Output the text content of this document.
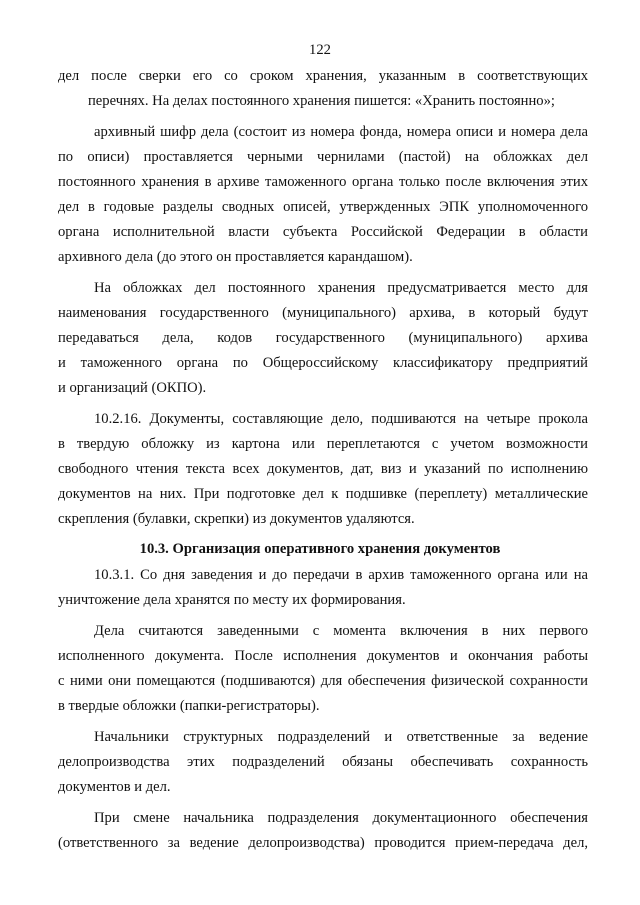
122
дел после сверки его со сроком хранения, указанным в соответствующих
перечнях. На делах постоянного хранения пишется: «Хранить постоянно»;
архивный шифр дела (состоит из номера фонда, номера описи и номера дела
по описи) проставляется черными чернилами (пастой) на обложках дел
постоянного хранения в архиве таможенного органа только после включения этих
дел в годовые разделы сводных описей, утвержденных ЭПК уполномоченного
органа исполнительной власти субъекта Российской Федерации в области
архивного дела (до этого он проставляется карандашом).
На обложках дел постоянного хранения предусматривается место для
наименования государственного (муниципального) архива, в который будут
передаваться дела, кодов государственного (муниципального) архива
и таможенного органа по Общероссийскому классификатору предприятий
и организаций (ОКПО).
10.2.16. Документы, составляющие дело, подшиваются на четыре прокола
в твердую обложку из картона или переплетаются с учетом возможности
свободного чтения текста всех документов, дат, виз и указаний по исполнению
документов на них. При подготовке дел к подшивке (переплету) металлические
скрепления (булавки, скрепки) из документов удаляются.
10.3. Организация оперативного хранения документов
10.3.1. Со дня заведения и до передачи в архив таможенного органа или на
уничтожение дела хранятся по месту их формирования.
Дела считаются заведенными с момента включения в них первого
исполненного документа. После исполнения документов и окончания работы
с ними они помещаются (подшиваются) для обеспечения физической сохранности
в твердые обложки (папки-регистраторы).
Начальники структурных подразделений и ответственные за ведение
делопроизводства этих подразделений обязаны обеспечивать сохранность
документов и дел.
При смене начальника подразделения документационного обеспечения
(ответственного за ведение делопроизводства) проводится прием-передача дел,
